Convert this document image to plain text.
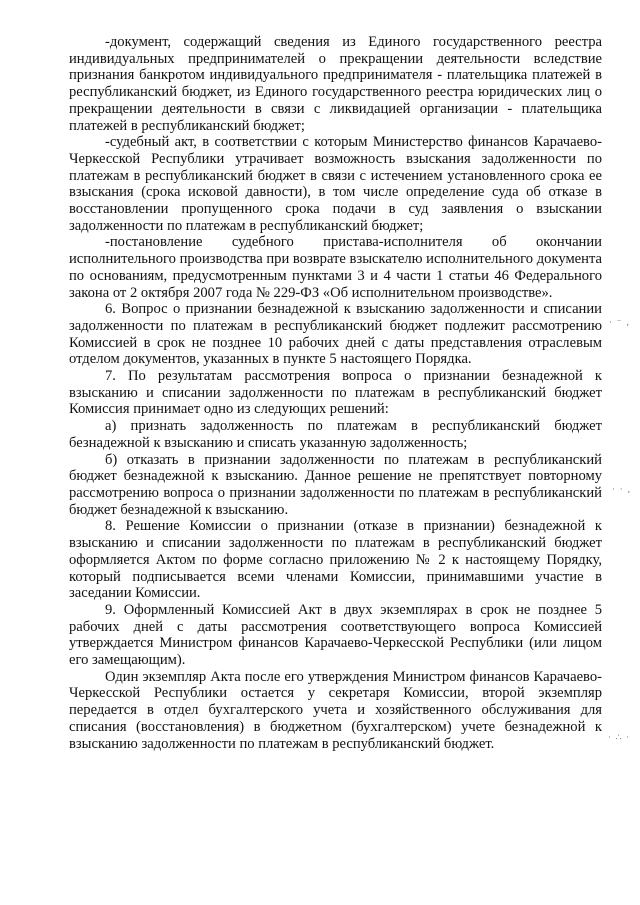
-документ, содержащий сведения из Единого государственного реестра индивидуальных предпринимателей о прекращении деятельности вследствие признания банкротом индивидуального предпринимателя - плательщика платежей в республиканский бюджет, из Единого государственного реестра юридических лиц о прекращении деятельности в связи с ликвидацией организации - плательщика платежей в республиканский бюджет;

-судебный акт, в соответствии с которым Министерство финансов Карачаево-Черкесской Республики утрачивает возможность взыскания задолженности по платежам в республиканский бюджет в связи с истечением установленного срока ее взыскания (срока исковой давности), в том числе определение суда об отказе в восстановлении пропущенного срока подачи в суд заявления о взыскании задолженности по платежам в республиканский бюджет;

-постановление судебного пристава-исполнителя об окончании исполнительного производства при возврате взыскателю исполнительного документа по основаниям, предусмотренным пунктами 3 и 4 части 1 статьи 46 Федерального закона от 2 октября 2007 года № 229-ФЗ «Об исполнительном производстве».

6. Вопрос о признании безнадежной к взысканию задолженности и списании задолженности по платежам в республиканский бюджет подлежит рассмотрению Комиссией в срок не позднее 10 рабочих дней с даты представления отраслевым отделом документов, указанных в пункте 5 настоящего Порядка.

7. По результатам рассмотрения вопроса о признании безнадежной к взысканию и списании задолженности по платежам в республиканский бюджет Комиссия принимает одно из следующих решений:

а) признать задолженность по платежам в республиканский бюджет безнадежной к взысканию и списать указанную задолженность;

б) отказать в признании задолженности по платежам в республиканский бюджет безнадежной к взысканию. Данное решение не препятствует повторному рассмотрению вопроса о признании задолженности по платежам в республиканский бюджет безнадежной к взысканию.

8. Решение Комиссии о признании (отказе в признании) безнадежной к взысканию и списании задолженности по платежам в республиканский бюджет оформляется Актом по форме согласно приложению № 2 к настоящему Порядку, который подписывается всеми членами Комиссии, принимавшими участие в заседании Комиссии.

9. Оформленный Комиссией Акт в двух экземплярах в срок не позднее 5 рабочих дней с даты рассмотрения соответствующего вопроса Комиссией утверждается Министром финансов Карачаево-Черкесской Республики (или лицом его замещающим).

Один экземпляр Акта после его утверждения Министром финансов Карачаево-Черкесской Республики остается у секретаря Комиссии, второй экземпляр передается в отдел бухгалтерского учета и хозяйственного обслуживания для списания (восстановления) в бюджетном (бухгалтерском) учете безнадежной к взысканию задолженности по платежам в республиканский бюджет.

· ⁻ ,
· · ,
· ∴ ·
